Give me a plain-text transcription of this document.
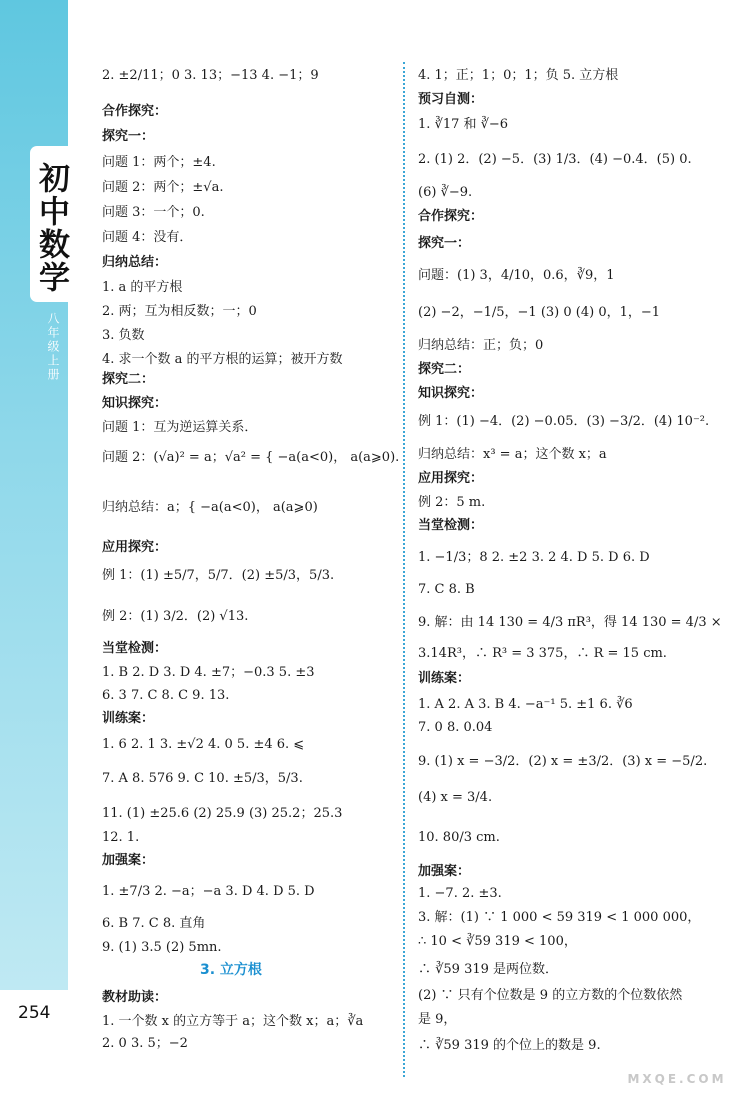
初中数学
八年级上册
2. ±2/11；0 3. 13；−13 4. −1；9
合作探究：
探究一：
问题 1：两个；±4.
问题 2：两个；±√a.
问题 3：一个；0.
问题 4：没有．
归纳总结：
1. a 的平方根
2. 两；互为相反数；一；0
3. 负数
4. 求一个数 a 的平方根的运算；被开方数
探究二：
知识探究：
问题 1：互为逆运算关系．
问题 2：(√a)² = a；√a² = { −a(a<0)， a(a⩾0).
归纳总结：a；{ −a(a<0)， a(a⩾0)
应用探究：
例 1：(1) ±5/7，5/7．(2) ±5/3，5/3.
例 2：(1) 3/2．(2) √13.
当堂检测：
1. B 2. D 3. D 4. ±7；−0.3 5. ±3
6. 3 7. C 8. C 9. 13.
训练案：
1. 6 2. 1 3. ±√2 4. 0 5. ±4 6. ⩽
7. A 8. 576 9. C 10. ±5/3，5/3.
11. (1) ±25.6 (2) 25.9 (3) 25.2；25.3
12. 1.
加强案：
1. ±7/3 2. −a；−a 3. D 4. D 5. D
6. B 7. C 8. 直角
9. (1) 3.5 (2) 5mn.
3. 立方根
教材助读：
1. 一个数 x 的立方等于 a；这个数 x；a；∛a
2. 0 3. 5；−2
4. 1；正；1；0；1；负 5. 立方根
预习自测：
1. ∛17 和 ∛−6
2. (1) 2．(2) −5．(3) 1/3．(4) −0.4．(5) 0.
(6) ∛−9.
合作探究：
探究一：
问题：(1) 3，4/10，0.6，∛9，1
(2) −2，−1/5，−1 (3) 0 (4) 0，1，−1
归纳总结：正；负；0
探究二：
知识探究：
例 1：(1) −4．(2) −0.05．(3) −3/2．(4) 10⁻².
归纳总结：x³ = a；这个数 x；a
应用探究：
例 2：5 m.
当堂检测：
1. −1/3；8 2. ±2 3. 2 4. D 5. D 6. D
7. C 8. B
9. 解：由 14 130 = 4/3 πR³，得 14 130 = 4/3 ×
3.14R³，∴ R³ = 3 375，∴ R = 15 cm.
训练案：
1. A 2. A 3. B 4. −a⁻¹ 5. ±1 6. ∛6
7. 0 8. 0.04
9. (1) x = −3/2．(2) x = ±3/2．(3) x = −5/2.
(4) x = 3/4.
10. 80/3 cm.
加强案：
1. −7. 2. ±3.
3. 解：(1) ∵ 1 000 < 59 319 < 1 000 000，
∴ 10 < ∛59 319 < 100，
∴ ∛59 319 是两位数．
(2) ∵ 只有个位数是 9 的立方数的个位数依然
是 9，
∴ ∛59 319 的个位上的数是 9.
254
MXQE.COM
